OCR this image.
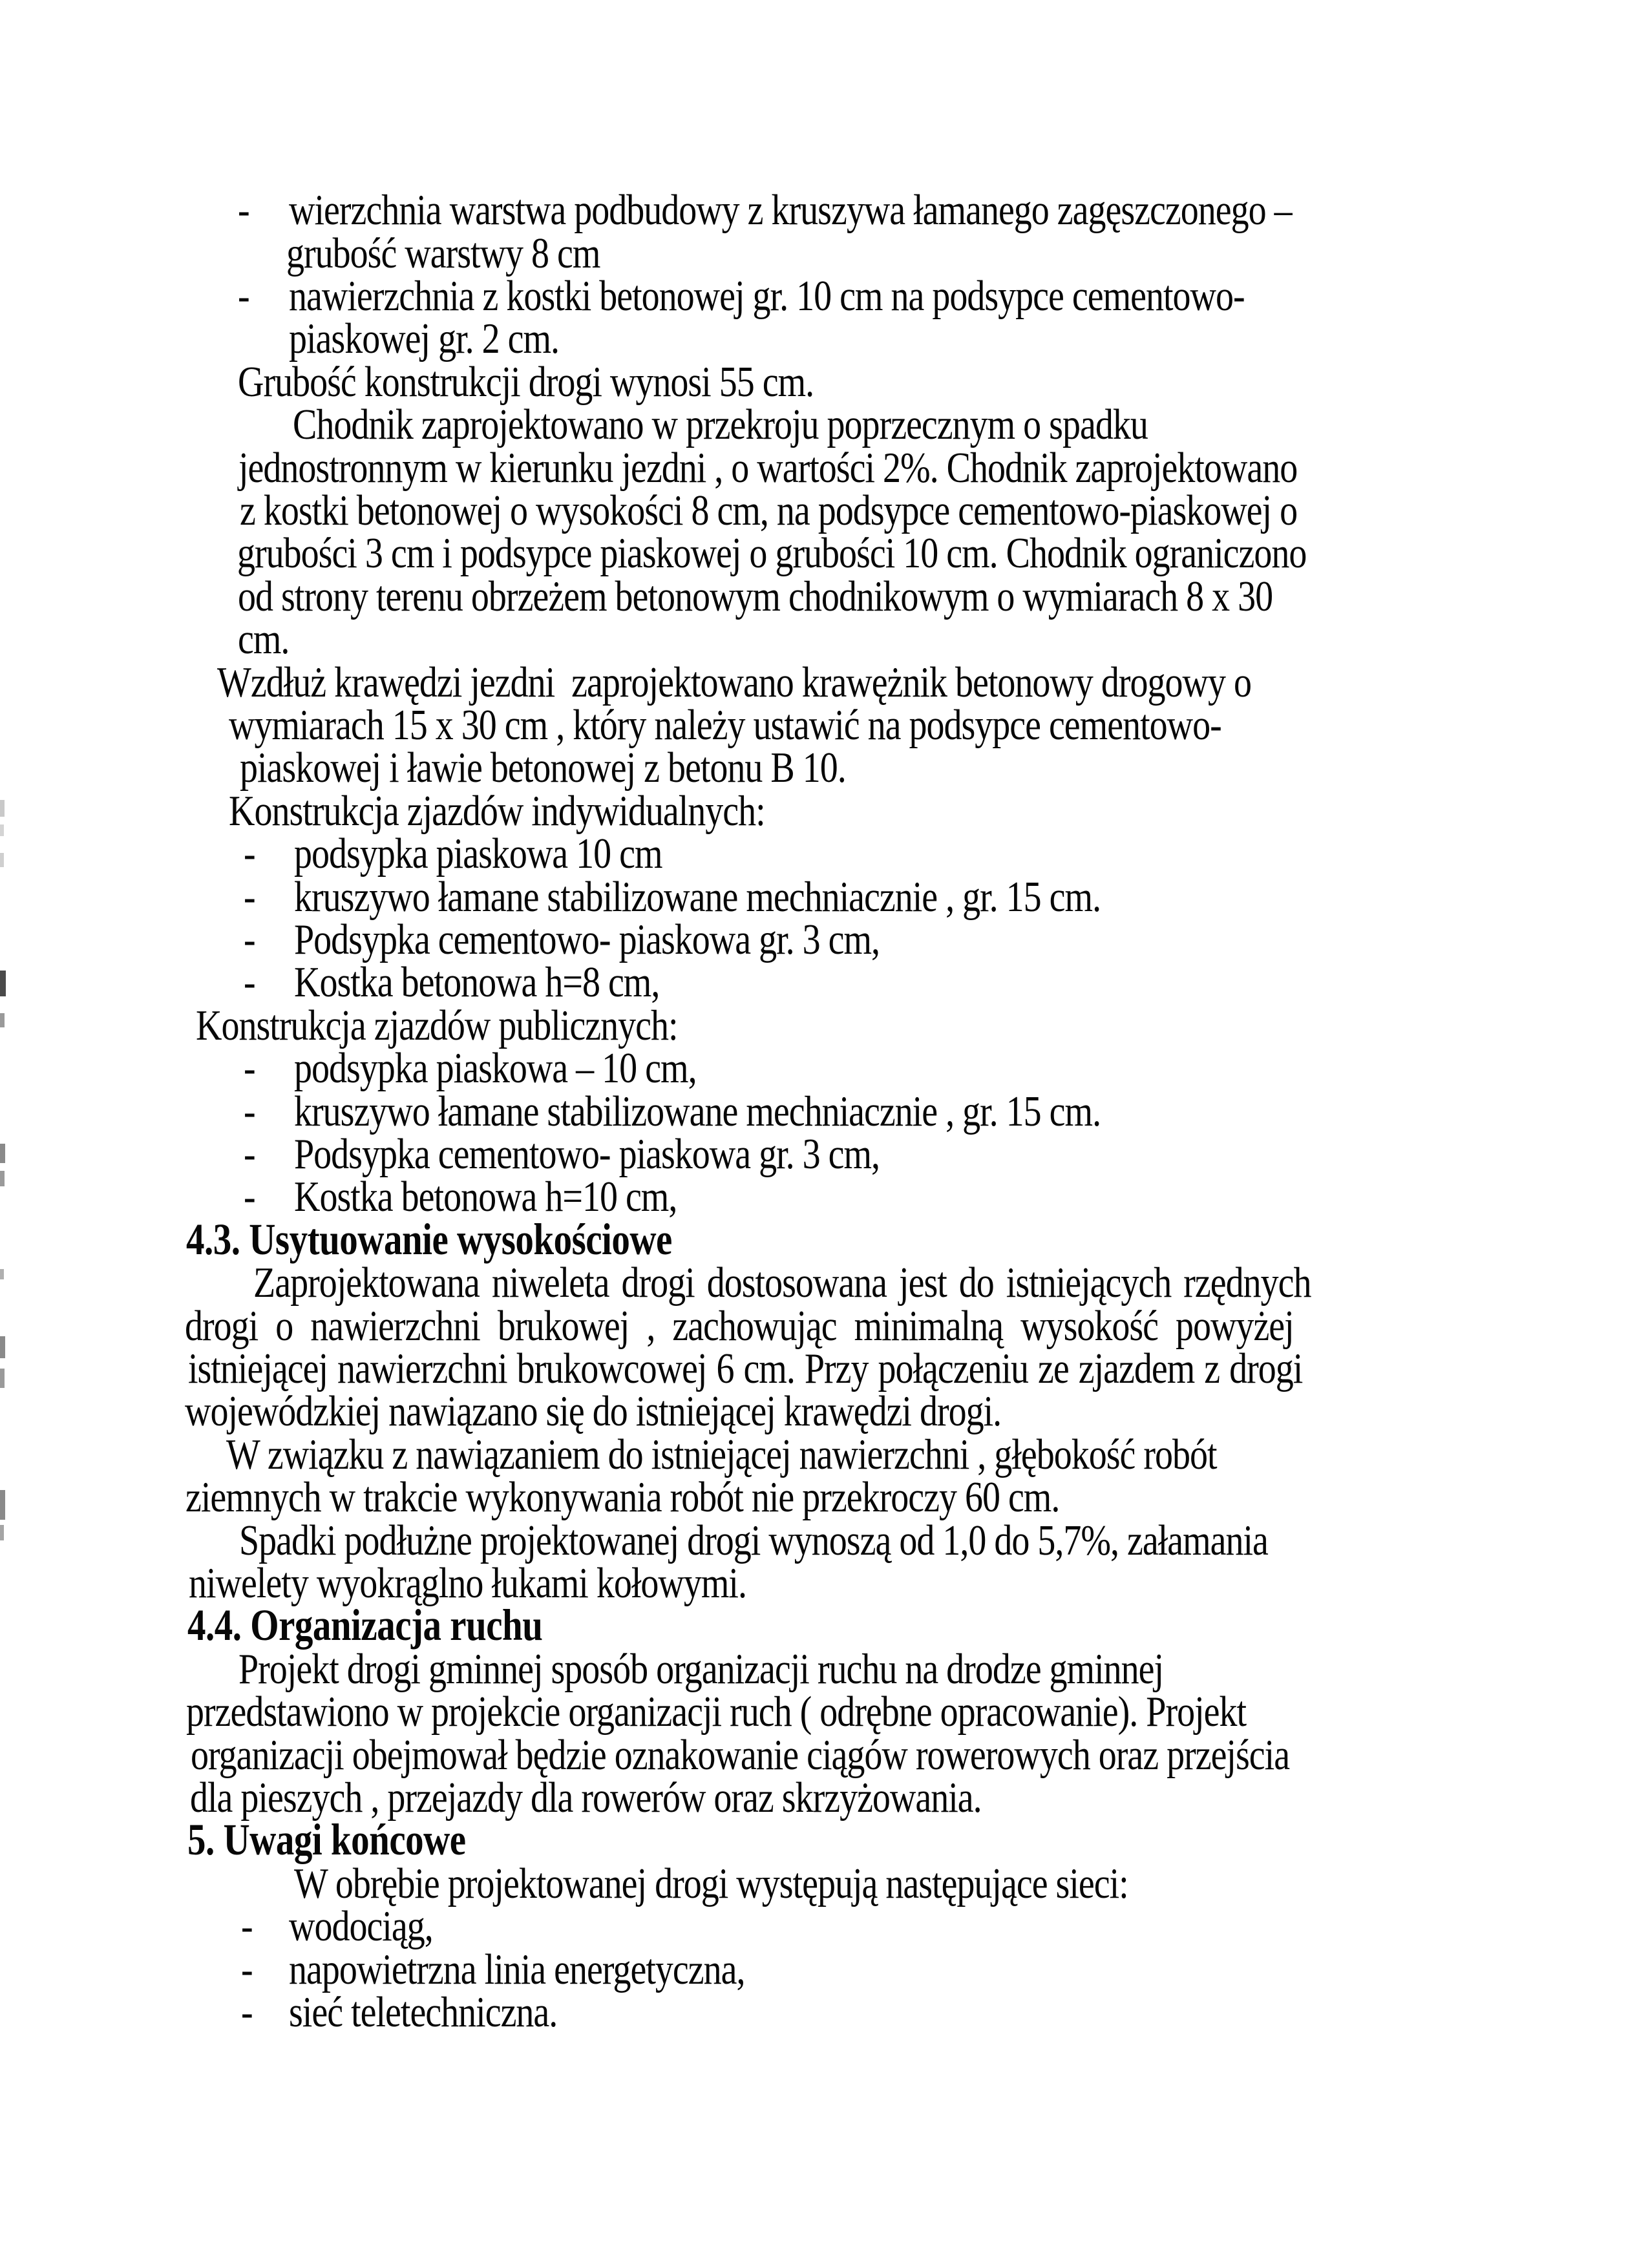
- wierzchnia warstwa podbudowy z kruszywa łamanego zagęszczonego –
grubość warstwy 8 cm
- nawierzchnia z kostki betonowej gr. 10 cm na podsypce cementowo-
piaskowej gr. 2 cm.
Grubość konstrukcji drogi wynosi 55 cm.
Chodnik zaprojektowano w przekroju poprzecznym o spadku
jednostronnym w kierunku jezdni , o wartości 2%. Chodnik zaprojektowano
z kostki betonowej o wysokości 8 cm, na podsypce cementowo-piaskowej o
grubości 3 cm i podsypce piaskowej o grubości 10 cm. Chodnik ograniczono
od strony terenu obrzeżem betonowym chodnikowym o wymiarach 8 x 30
cm.
Wzdłuż krawędzi jezdni  zaprojektowano krawężnik betonowy drogowy o
wymiarach 15 x 30 cm , który należy ustawić na podsypce cementowo-
piaskowej i ławie betonowej z betonu B 10.
Konstrukcja zjazdów indywidualnych:
- podsypka piaskowa 10 cm
- kruszywo łamane stabilizowane mechniacznie , gr. 15 cm.
- Podsypka cementowo- piaskowa gr. 3 cm,
- Kostka betonowa h=8 cm,
Konstrukcja zjazdów publicznych:
- podsypka piaskowa – 10 cm,
- kruszywo łamane stabilizowane mechniacznie , gr. 15 cm.
- Podsypka cementowo- piaskowa gr. 3 cm,
- Kostka betonowa h=10 cm,
4.3. Usytuowanie wysokościowe
Zaprojektowana niweleta drogi dostosowana jest do istniejących rzędnych
drogi o nawierzchni brukowej , zachowując minimalną wysokość powyżej
istniejącej nawierzchni brukowcowej 6 cm. Przy połączeniu ze zjazdem z drogi
wojewódzkiej nawiązano się do istniejącej krawędzi drogi.
W związku z nawiązaniem do istniejącej nawierzchni , głębokość robót
ziemnych w trakcie wykonywania robót nie przekroczy 60 cm.
Spadki podłużne projektowanej drogi wynoszą od 1,0 do 5,7%, załamania
niwelety wyokrąglno łukami kołowymi.
4.4. Organizacja ruchu
Projekt drogi gminnej sposób organizacji ruchu na drodze gminnej
przedstawiono w projekcie organizacji ruch ( odrębne opracowanie). Projekt
organizacji obejmował będzie oznakowanie ciągów rowerowych oraz przejścia
dla pieszych , przejazdy dla rowerów oraz skrzyżowania.
5. Uwagi końcowe
W obrębie projektowanej drogi występują następujące sieci:
- wodociąg,
- napowietrzna linia energetyczna,
- sieć teletechniczna.
